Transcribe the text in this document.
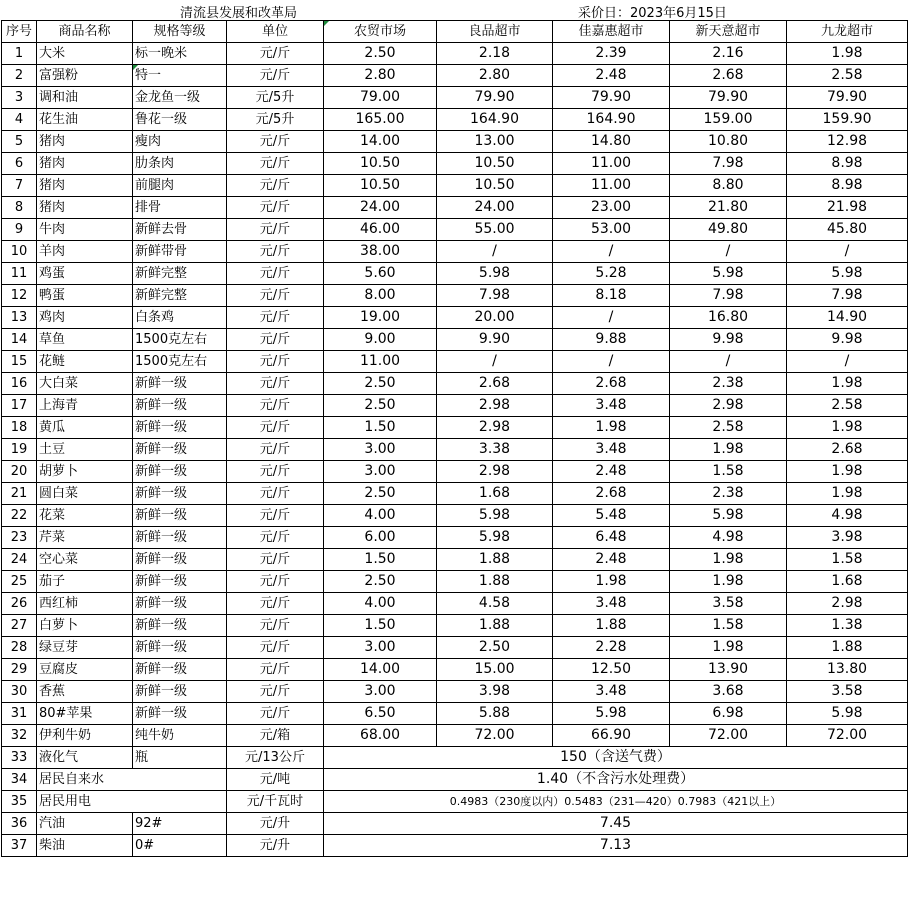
清流县发展和改革局	采价日：2023年6月15日
序号	商品名称	规格等级	单位	农贸市场	良品超市	佳嘉惠超市	新天意超市	九龙超市
1	大米	标一晚米	元/斤	2.50	2.18	2.39	2.16	1.98
2	富强粉	特一	元/斤	2.80	2.80	2.48	2.68	2.58
3	调和油	金龙鱼一级	元/5升	79.00	79.90	79.90	79.90	79.90
4	花生油	鲁花一级	元/5升	165.00	164.90	164.90	159.00	159.90
5	猪肉	瘦肉	元/斤	14.00	13.00	14.80	10.80	12.98
6	猪肉	肋条肉	元/斤	10.50	10.50	11.00	7.98	8.98
7	猪肉	前腿肉	元/斤	10.50	10.50	11.00	8.80	8.98
8	猪肉	排骨	元/斤	24.00	24.00	23.00	21.80	21.98
9	牛肉	新鲜去骨	元/斤	46.00	55.00	53.00	49.80	45.80
10	羊肉	新鲜带骨	元/斤	38.00	/	/	/	/
11	鸡蛋	新鲜完整	元/斤	5.60	5.98	5.28	5.98	5.98
12	鸭蛋	新鲜完整	元/斤	8.00	7.98	8.18	7.98	7.98
13	鸡肉	白条鸡	元/斤	19.00	20.00	/	16.80	14.90
14	草鱼	1500克左右	元/斤	9.00	9.90	9.88	9.98	9.98
15	花鲢	1500克左右	元/斤	11.00	/	/	/	/
16	大白菜	新鲜一级	元/斤	2.50	2.68	2.68	2.38	1.98
17	上海青	新鲜一级	元/斤	2.50	2.98	3.48	2.98	2.58
18	黄瓜	新鲜一级	元/斤	1.50	2.98	1.98	2.58	1.98
19	土豆	新鲜一级	元/斤	3.00	3.38	3.48	1.98	2.68
20	胡萝卜	新鲜一级	元/斤	3.00	2.98	2.48	1.58	1.98
21	圆白菜	新鲜一级	元/斤	2.50	1.68	2.68	2.38	1.98
22	花菜	新鲜一级	元/斤	4.00	5.98	5.48	5.98	4.98
23	芹菜	新鲜一级	元/斤	6.00	5.98	6.48	4.98	3.98
24	空心菜	新鲜一级	元/斤	1.50	1.88	2.48	1.98	1.58
25	茄子	新鲜一级	元/斤	2.50	1.88	1.98	1.98	1.68
26	西红柿	新鲜一级	元/斤	4.00	4.58	3.48	3.58	2.98
27	白萝卜	新鲜一级	元/斤	1.50	1.88	1.88	1.58	1.38
28	绿豆芽	新鲜一级	元/斤	3.00	2.50	2.28	1.98	1.88
29	豆腐皮	新鲜一级	元/斤	14.00	15.00	12.50	13.90	13.80
30	香蕉	新鲜一级	元/斤	3.00	3.98	3.48	3.68	3.58
31	80#苹果	新鲜一级	元/斤	6.50	5.88	5.98	6.98	5.98
32	伊利牛奶	纯牛奶	元/箱	68.00	72.00	66.90	72.00	72.00
33	液化气	瓶	元/13公斤	150（含送气费）				
34	居民自来水		元/吨	1.40（不含污水处理费）				
35	居民用电		元/千瓦时	0.4983（230度以内）0.5483（231—420）0.7983（421以上）				
36	汽油	92#	元/升	7.45				
37	柴油	0#	元/升	7.13				
